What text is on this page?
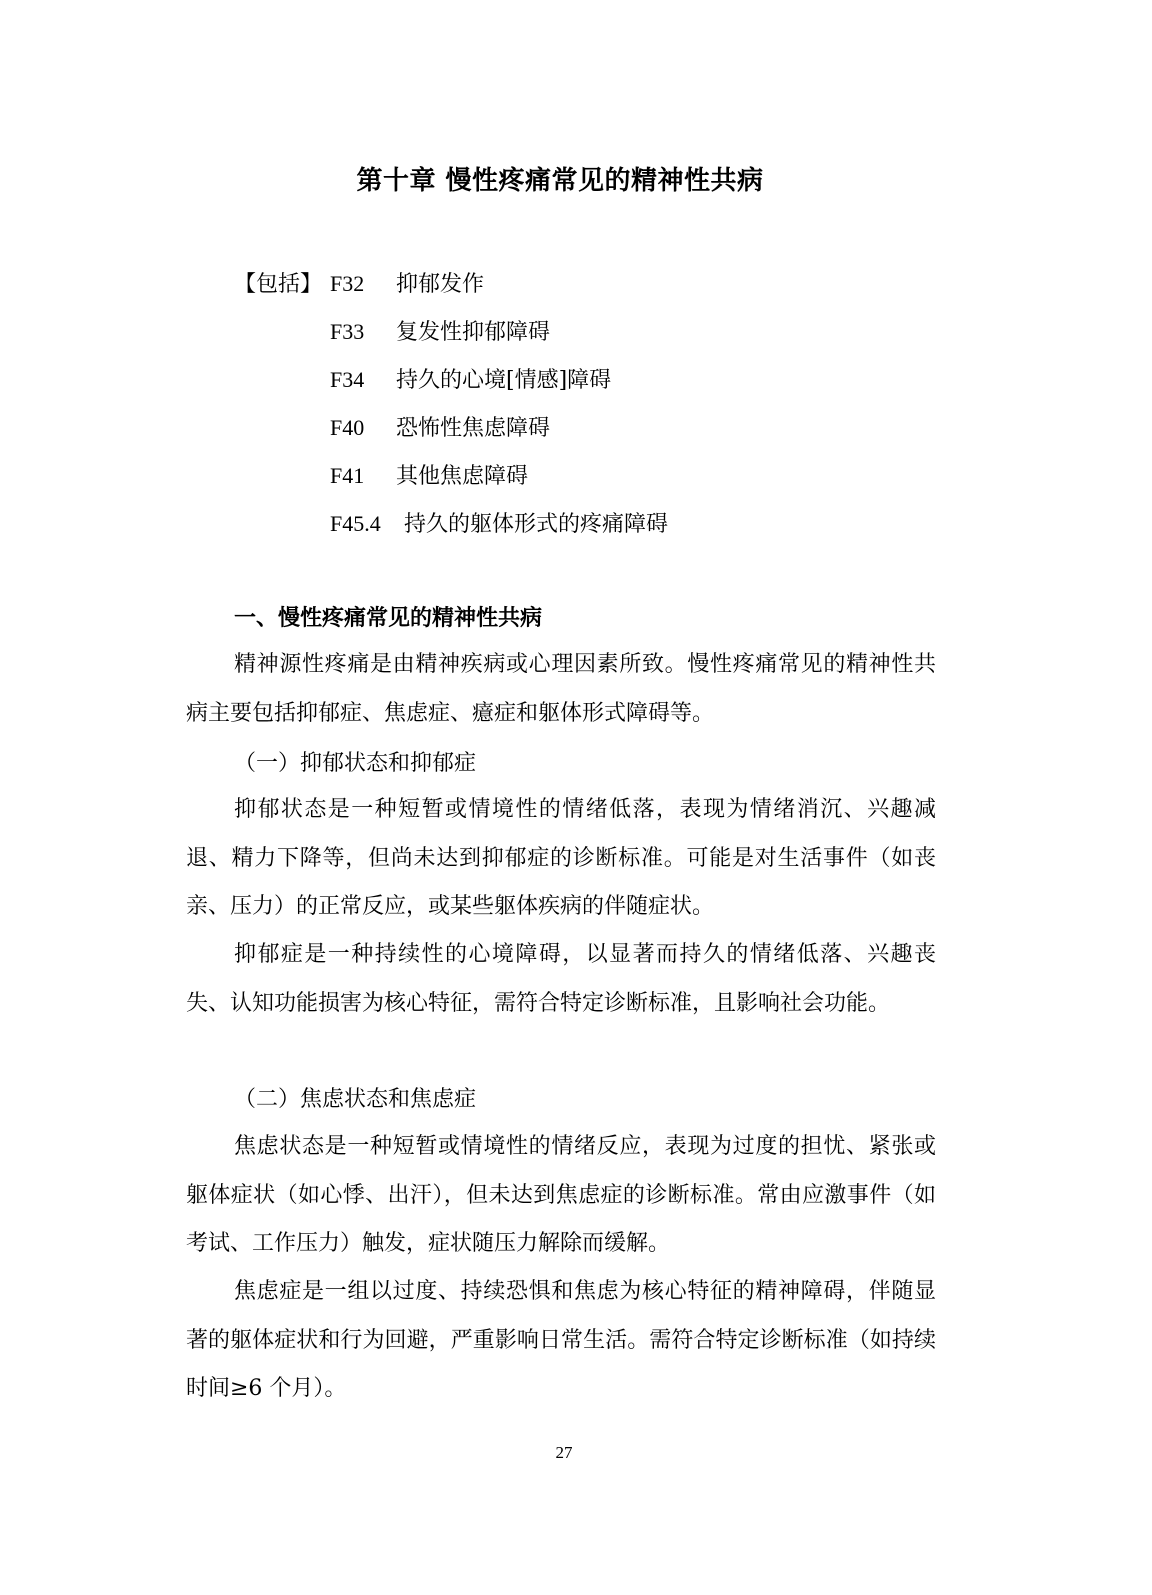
第十章 慢性疼痛常见的精神性共病
【包括】 F32 抑郁发作
F33 复发性抑郁障碍
F34 持久的心境[情感]障碍
F40 恐怖性焦虑障碍
F41 其他焦虑障碍
F45.4 持久的躯体形式的疼痛障碍
一、慢性疼痛常见的精神性共病

精神源性疼痛是由精神疾病或心理因素所致。慢性疼痛常见的精神性共病主要包括抑郁症、焦虑症、癔症和躯体形式障碍等。

（一）抑郁状态和抑郁症

抑郁状态是一种短暂或情境性的情绪低落，表现为情绪消沉、兴趣减退、精力下降等，但尚未达到抑郁症的诊断标准。可能是对生活事件（如丧亲、压力）的正常反应，或某些躯体疾病的伴随症状。

抑郁症是一种持续性的心境障碍，以显著而持久的情绪低落、兴趣丧失、认知功能损害为核心特征，需符合特定诊断标准，且影响社会功能。

（二）焦虑状态和焦虑症

焦虑状态是一种短暂或情境性的情绪反应，表现为过度的担忧、紧张或躯体症状（如心悸、出汗），但未达到焦虑症的诊断标准。常由应激事件（如考试、工作压力）触发，症状随压力解除而缓解。

焦虑症是一组以过度、持续恐惧和焦虑为核心特征的精神障碍，伴随显著的躯体症状和行为回避，严重影响日常生活。需符合特定诊断标准（如持续时间≥6 个月）。

27
